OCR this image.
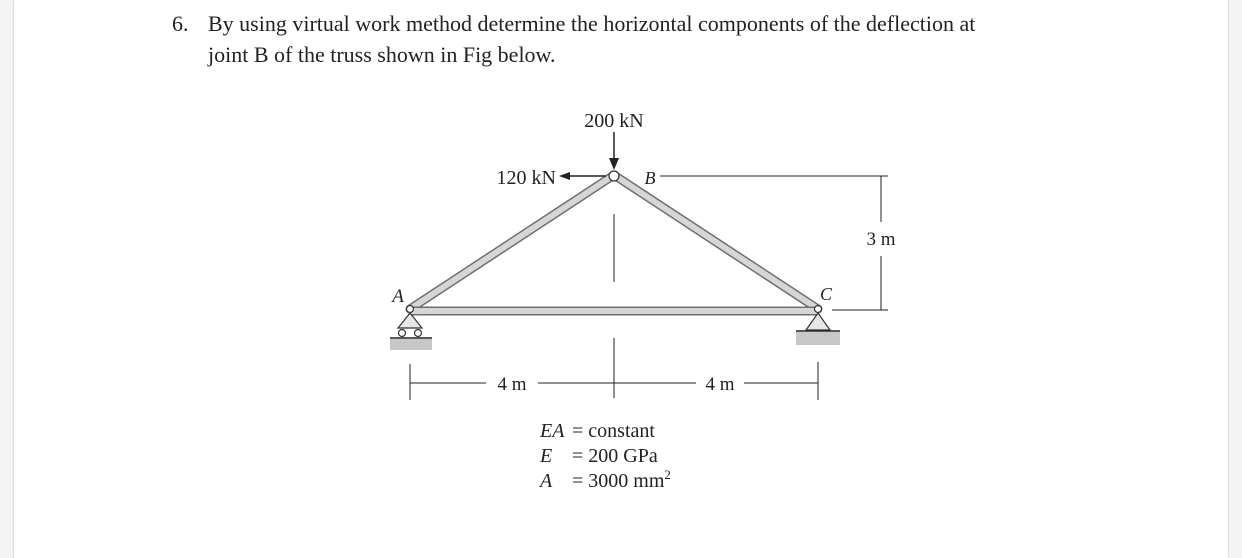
6. By using virtual work method determine the horizontal components of the deflection at
joint B of the truss shown in Fig below.
200 kN
120 kN
A
B
C
3 m
4 m	4 m
EA = constant
E = 200 GPa
A = 3000 $mm^2$
